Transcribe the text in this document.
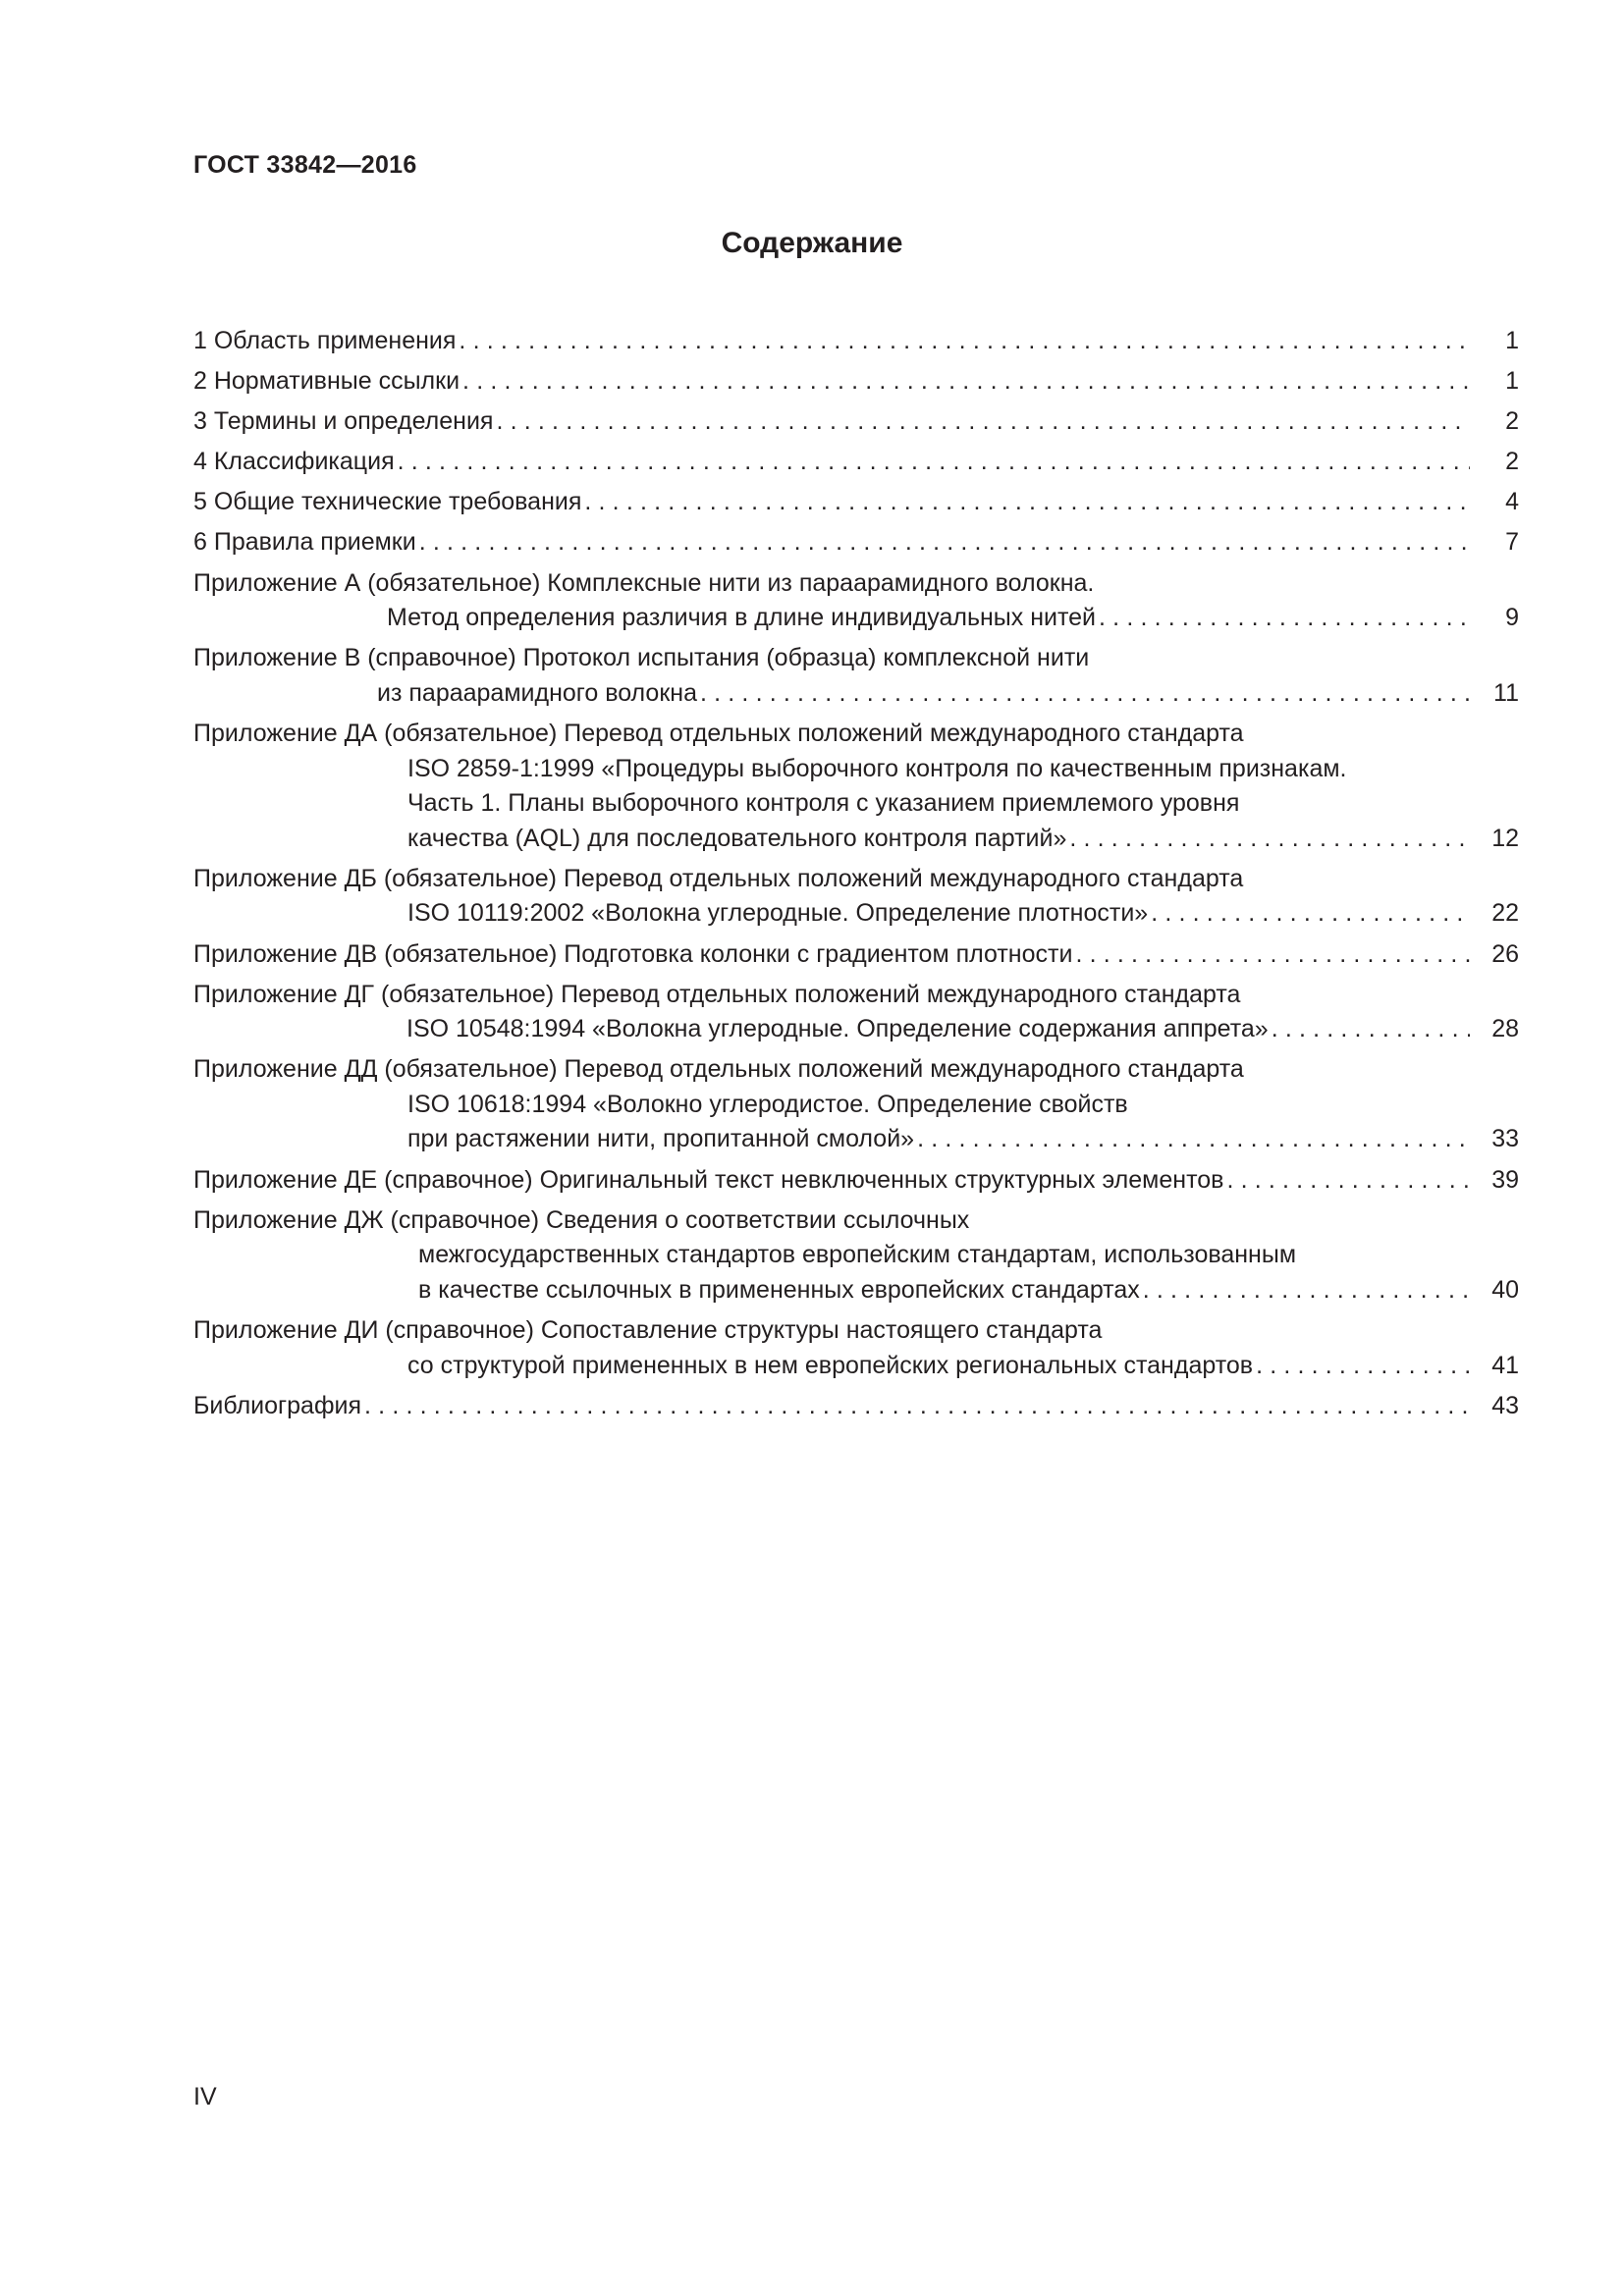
ГОСТ 33842—2016
Содержание
1 Область применения .....	1
2 Нормативные ссылки .....	1
3 Термины и определения .....	2
4 Классификация .....	2
5 Общие технические требования .....	4
6 Правила приемки .....	7
Приложение А (обязательное) Комплексные нити из параарамидного волокна.
Метод определения различия в длине индивидуальных нитей .....	9
Приложение В (справочное) Протокол испытания (образца) комплексной нити
из параарамидного волокна .....	11
Приложение ДА (обязательное) Перевод отдельных положений международного стандарта
ISO 2859-1:1999 «Процедуры выборочного контроля по качественным признакам.
Часть 1. Планы выборочного контроля с указанием приемлемого уровня
качества (AQL) для последовательного контроля партий» .....	12
Приложение ДБ (обязательное) Перевод отдельных положений международного стандарта
ISO 10119:2002 «Волокна углеродные. Определение плотности» .....	22
Приложение ДВ (обязательное) Подготовка колонки с градиентом плотности .....	26
Приложение ДГ (обязательное) Перевод отдельных положений международного стандарта
ISO 10548:1994 «Волокна углеродные. Определение содержания аппрета» .....	28
Приложение ДД (обязательное) Перевод отдельных положений международного стандарта
ISO 10618:1994 «Волокно углеродистое. Определение свойств
при растяжении нити, пропитанной смолой» .....	33
Приложение ДЕ (справочное) Оригинальный текст невключенных структурных элементов .....	39
Приложение ДЖ (справочное) Сведения о соответствии ссылочных
межгосударственных стандартов европейским стандартам, использованным
в качестве ссылочных в примененных европейских стандартах .....	40
Приложение ДИ (справочное) Сопоставление структуры настоящего стандарта
со структурой примененных в нем европейских региональных стандартов .....	41
Библиография .....	43
IV
